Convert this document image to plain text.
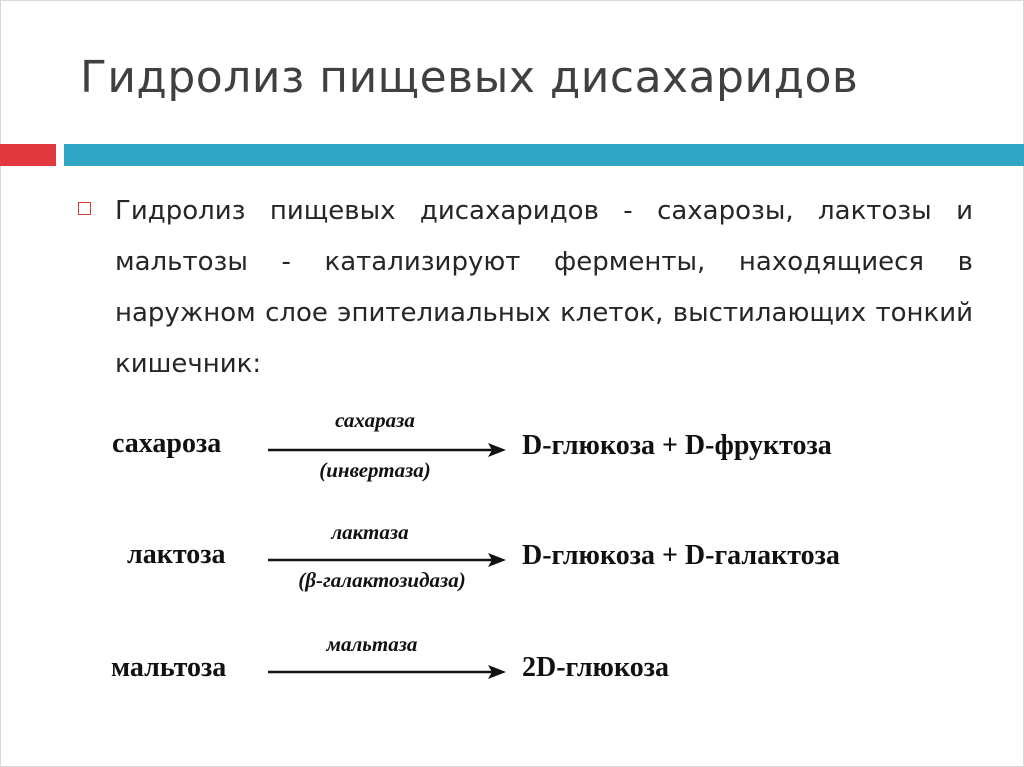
Гидролиз пищевых дисахаридов
Гидролиз пищевых дисахаридов - сахарозы, лактозы и мальтозы - катализируют ферменты, находящиеся в наружном слое эпителиальных клеток, выстилающих тонкий кишечник:
сахароза
сахараза
(инвертаза)
D-глюкоза + D-фруктоза
лактоза
лактаза
(β-галактозидаза)
D-глюкоза + D-галактоза
мальтоза
мальтаза
2D-глюкоза
